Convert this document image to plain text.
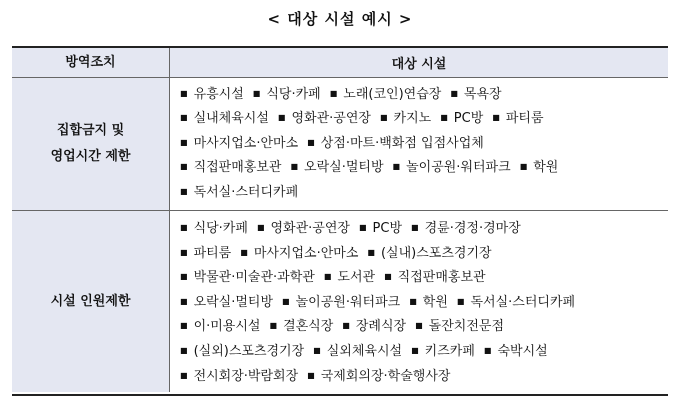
< 대상 시설 예시 >
방역조치	대상 시설
집합금지 및
영업시간 제한
■ 유흥시설 ■ 식당·카페 ■ 노래(코인)연습장 ■ 목욕장
■ 실내체육시설 ■ 영화관·공연장 ■ 카지노 ■ PC방 ■ 파티룸
■ 마사지업소·안마소 ■ 상점·마트·백화점 입점사업체
■ 직접판매홍보관 ■ 오락실·멀티방 ■ 놀이공원·워터파크 ■ 학원
■ 독서실·스터디카페
시설 인원제한
■ 식당·카페 ■ 영화관·공연장 ■ PC방 ■ 경륜·경정·경마장
■ 파티룸 ■ 마사지업소·안마소 ■ (실내)스포츠경기장
■ 박물관·미술관·과학관 ■ 도서관 ■ 직접판매홍보관
■ 오락실·멀티방 ■ 놀이공원·워터파크 ■ 학원 ■ 독서실·스터디카페
■ 이·미용시설 ■ 결혼식장 ■ 장례식장 ■ 돌잔치전문점
■ (실외)스포츠경기장 ■ 실외체육시설 ■ 키즈카페 ■ 숙박시설
■ 전시회장·박람회장 ■ 국제회의장·학술행사장
